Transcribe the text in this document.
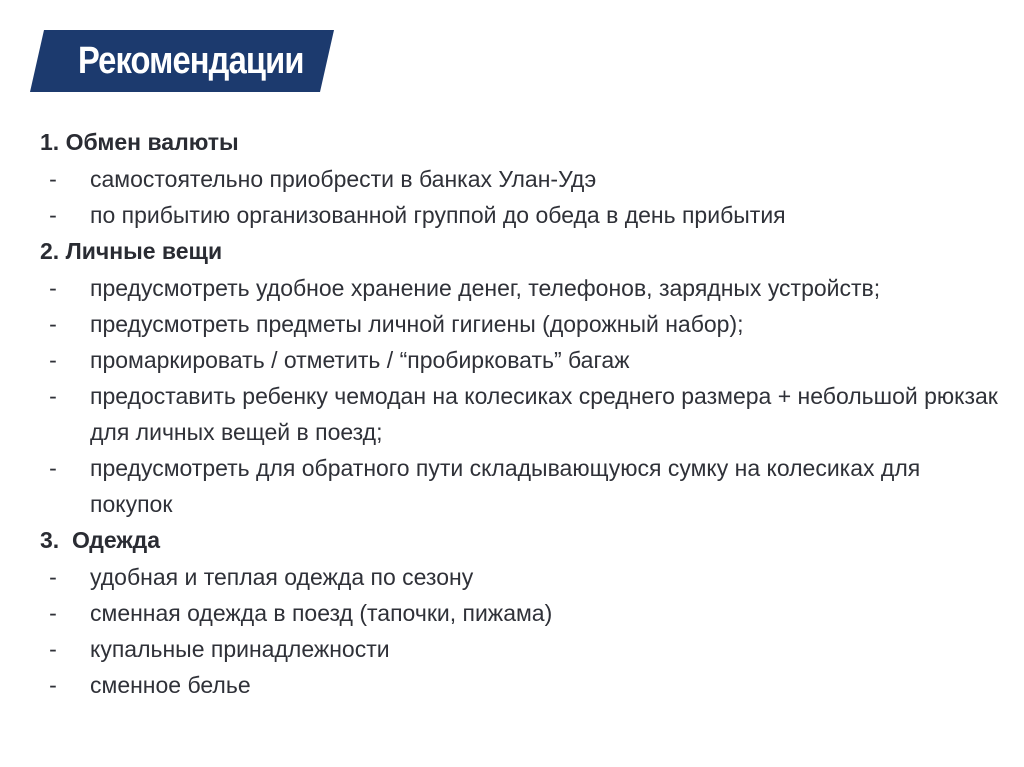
Рекомендации
1. Обмен валюты
- самостоятельно приобрести в банках Улан-Удэ
- по прибытию организованной группой до обеда в день прибытия
2. Личные вещи
- предусмотреть удобное хранение денег, телефонов, зарядных устройств;
- предусмотреть предметы личной гигиены (дорожный набор);
- промаркировать / отметить / “пробирковать” багаж
- предоставить ребенку чемодан на колесиках среднего размера + небольшой рюкзак для личных вещей в поезд;
- предусмотреть для обратного пути складывающуюся сумку на колесиках для покупок
3.  Одежда
- удобная и теплая одежда по сезону
- сменная одежда в поезд (тапочки, пижама)
- купальные принадлежности
- сменное белье
